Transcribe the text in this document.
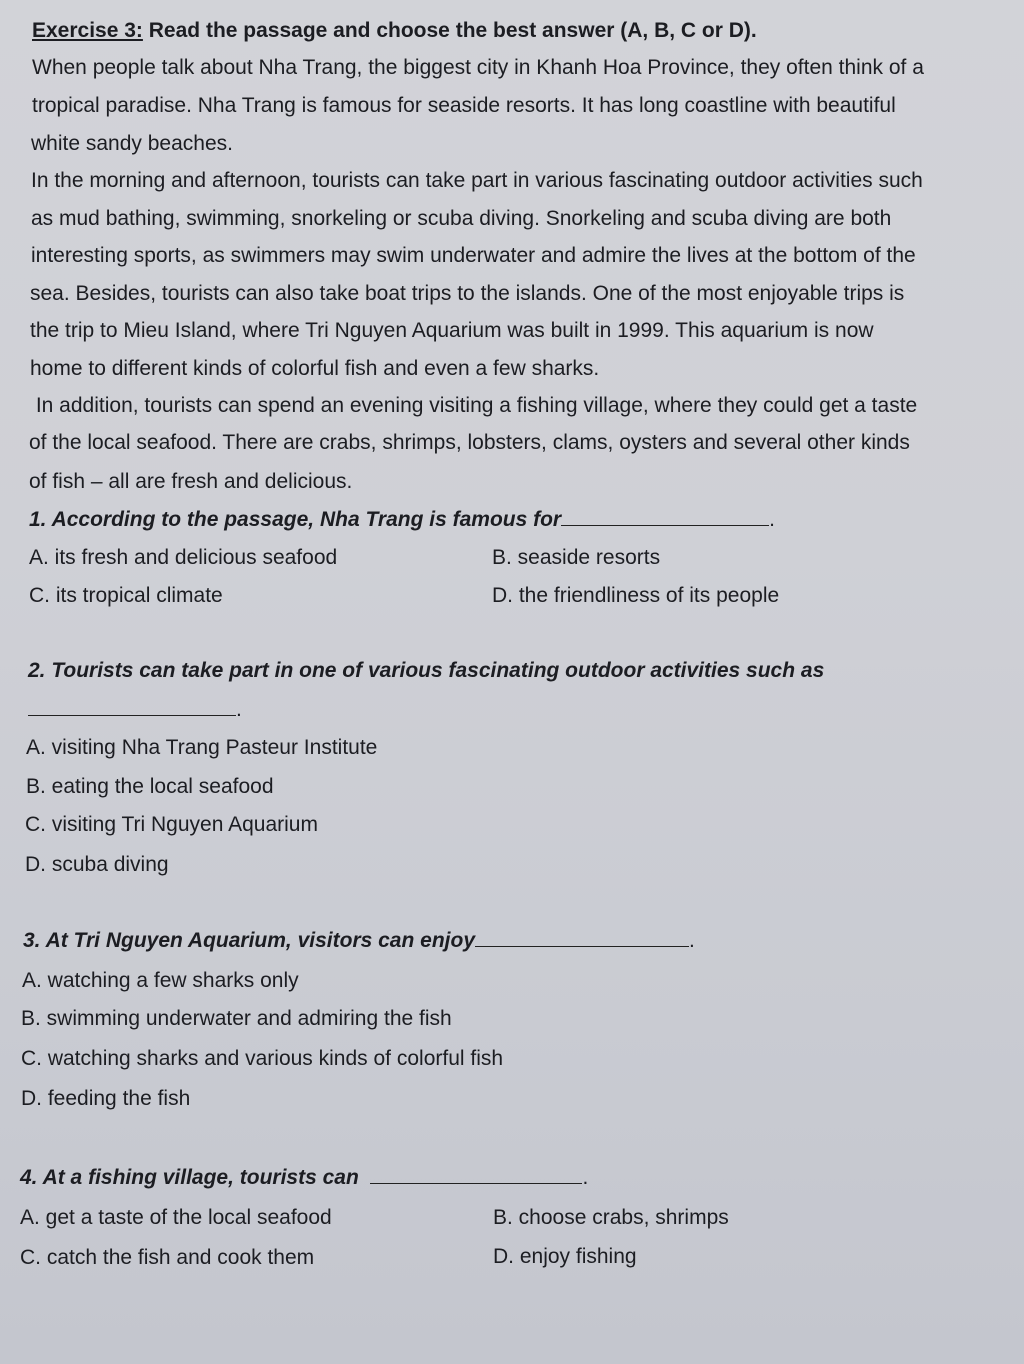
Exercise 3: Read the passage and choose the best answer (A, B, C or D).
When people talk about Nha Trang, the biggest city in Khanh Hoa Province, they often think of a
tropical paradise. Nha Trang is famous for seaside resorts. It has long coastline with beautiful
white sandy beaches.
In the morning and afternoon, tourists can take part in various fascinating outdoor activities such
as mud bathing, swimming, snorkeling or scuba diving. Snorkeling and scuba diving are both
interesting sports, as swimmers may swim underwater and admire the lives at the bottom of the
sea. Besides, tourists can also take boat trips to the islands. One of the most enjoyable trips is
the trip to Mieu Island, where Tri Nguyen Aquarium was built in 1999. This aquarium is now
home to different kinds of colorful fish and even a few sharks.
In addition, tourists can spend an evening visiting a fishing village, where they could get a taste
of the local seafood. There are crabs, shrimps, lobsters, clams, oysters and several other kinds
of fish – all are fresh and delicious.
1. According to the passage, Nha Trang is famous for	.
A. its fresh and delicious seafood	B. seaside resorts
C. its tropical climate	D. the friendliness of its people
2. Tourists can take part in one of various fascinating outdoor activities such as
.
A. visiting Nha Trang Pasteur Institute
B. eating the local seafood
C. visiting Tri Nguyen Aquarium
D. scuba diving
3. At Tri Nguyen Aquarium, visitors can enjoy	.
A. watching a few sharks only
B. swimming underwater and admiring the fish
C. watching sharks and various kinds of colorful fish
D. feeding the fish
4. At a fishing village, tourists can	.
A. get a taste of the local seafood	B. choose crabs, shrimps
C. catch the fish and cook them	D. enjoy fishing
